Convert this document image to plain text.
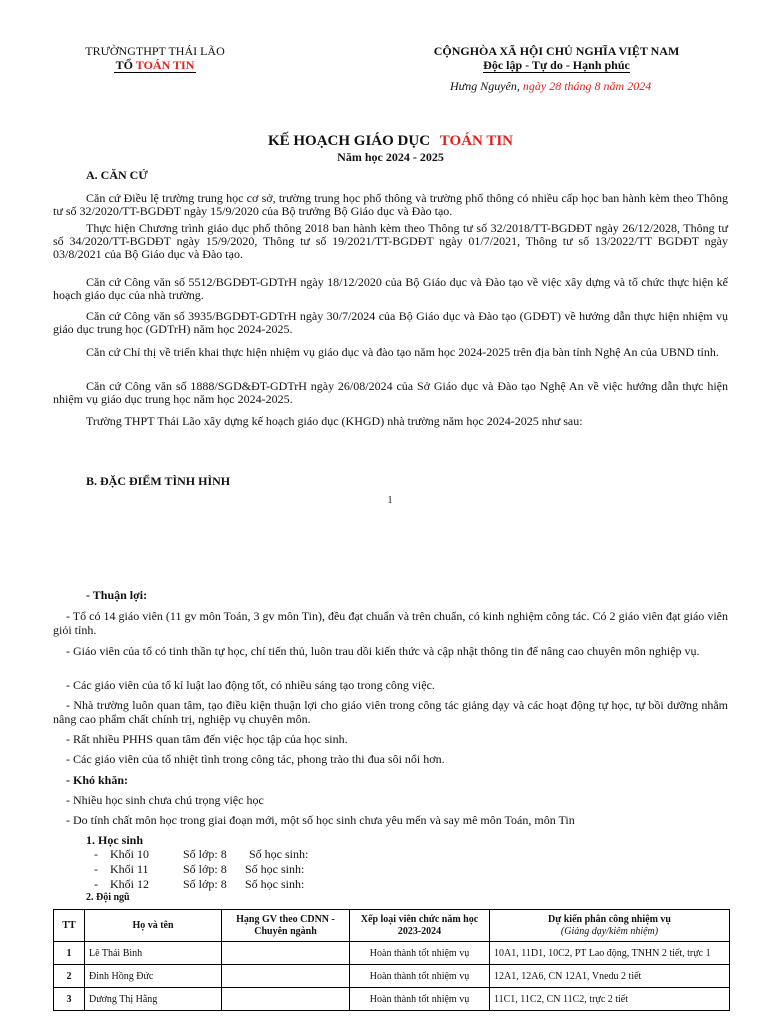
TRƯỜNGTHPT THÁI LÃO
TỔ TOÁN TIN
CỘNGHÒA XÃ HỘI CHỦ NGHĨA VIỆT NAM
Độc lập - Tự do - Hạnh phúc
Hưng Nguyên, ngày 28 tháng 8 năm 2024
KẾ HOẠCH GIÁO DỤC TOÁN TIN
Năm học 2024 - 2025
A. CĂN CỨ
Căn cứ Điều lệ trường trung học cơ sở, trường trung học phổ thông và trường phổ thông có nhiều cấp học ban hành kèm theo Thông tư số 32/2020/TT-BGDĐT ngày 15/9/2020 của Bộ trưởng Bộ Giáo dục và Đào tạo.
Thực hiện Chương trình giáo dục phổ thông 2018 ban hành kèm theo Thông tư số 32/2018/TT-BGDĐT ngày 26/12/2028, Thông tư số 34/2020/TT-BGDĐT ngày 15/9/2020, Thông tư số 19/2021/TT-BGDĐT ngày 01/7/2021, Thông tư số 13/2022/TT BGDĐT ngày 03/8/2021 của Bộ Giáo dục và Đào tạo.
Căn cứ Công văn số 5512/BGDĐT-GDTrH ngày 18/12/2020 của Bộ Giáo dục và Đào tạo về việc xây dựng và tổ chức thực hiện kế hoạch giáo dục của nhà trường.
Căn cứ Công văn số 3935/BGDĐT-GDTrH ngày 30/7/2024 của Bộ Giáo dục và Đào tạo (GDĐT) về hướng dẫn thực hiện nhiệm vụ giáo dục trung học (GDTrH) năm học 2024-2025.
Căn cứ Chỉ thị về triển khai thực hiện nhiệm vụ giáo dục và đào tạo năm học 2024-2025 trên địa bàn tỉnh Nghệ An của UBND tỉnh.
Căn cứ Công văn số 1888/SGD&ĐT-GDTrH ngày 26/08/2024 của Sở Giáo dục và Đào tạo Nghệ An về việc hướng dẫn thực hiện nhiệm vụ giáo dục trung học năm học 2024-2025.
Trường THPT Thái Lão xây dựng kế hoạch giáo dục (KHGD) nhà trường năm học 2024-2025 như sau:
B. ĐẶC ĐIỂM TÌNH HÌNH
1
- Thuận lợi:
- Tổ có 14 giáo viên (11 gv môn Toán, 3 gv môn Tin), đều đạt chuẩn và trên chuẩn, có kinh nghiệm công tác. Có 2 giáo viên đạt giáo viên giỏi tỉnh.
- Giáo viên của tổ có tinh thần tự học, chí tiến thủ, luôn trau dồi kiến thức và cập nhật thông tin để nâng cao chuyên môn nghiệp vụ.
- Các giáo viên của tổ kỉ luật lao động tốt, có nhiều sáng tạo trong công việc.
- Nhà trường luôn quan tâm, tạo điều kiện thuận lợi cho giáo viên trong công tác giảng dạy và các hoạt động tự học, tự bồi dưỡng nhằm nâng cao phẩm chất chính trị, nghiệp vụ chuyên môn.
- Rất nhiều PHHS quan tâm đến việc học tập của học sinh.
- Các giáo viên của tổ nhiệt tình trong công tác, phong trào thi đua sôi nổi hơn.
- Khó khăn:
- Nhiều học sinh chưa chú trọng việc học
- Do tính chất môn học trong giai đoạn mới, một số học sinh chưa yêu mến và say mê môn Toán, môn Tin
1. Học sinh
-	Khối 10	Số lớp: 8	Số học sinh:
-	Khối 11	Số lớp: 8	Số học sinh:
-	Khối 12	Số lớp: 8	Số học sinh:
2. Đội ngũ
TT	Họ và tên	Hạng GV theo CDNN - Chuyên ngành	Xếp loại viên chức năm học 2023-2024	Dự kiến phân công nhiệm vụ
(Giảng dạy/kiêm nhiệm)

1	Lê Thái Bình		Hoàn thành tốt nhiệm vụ	10A1, 11D1, 10C2, PT Lao động, TNHN 2 tiết, trực 1
2	Đinh Hồng Đức		Hoàn thành tốt nhiệm vụ	12A1, 12A6, CN 12A1, Vnedu 2 tiết
3	Dương Thị Hằng		Hoàn thành tốt nhiệm vụ	11C1, 11C2, CN 11C2, trực 2 tiết
